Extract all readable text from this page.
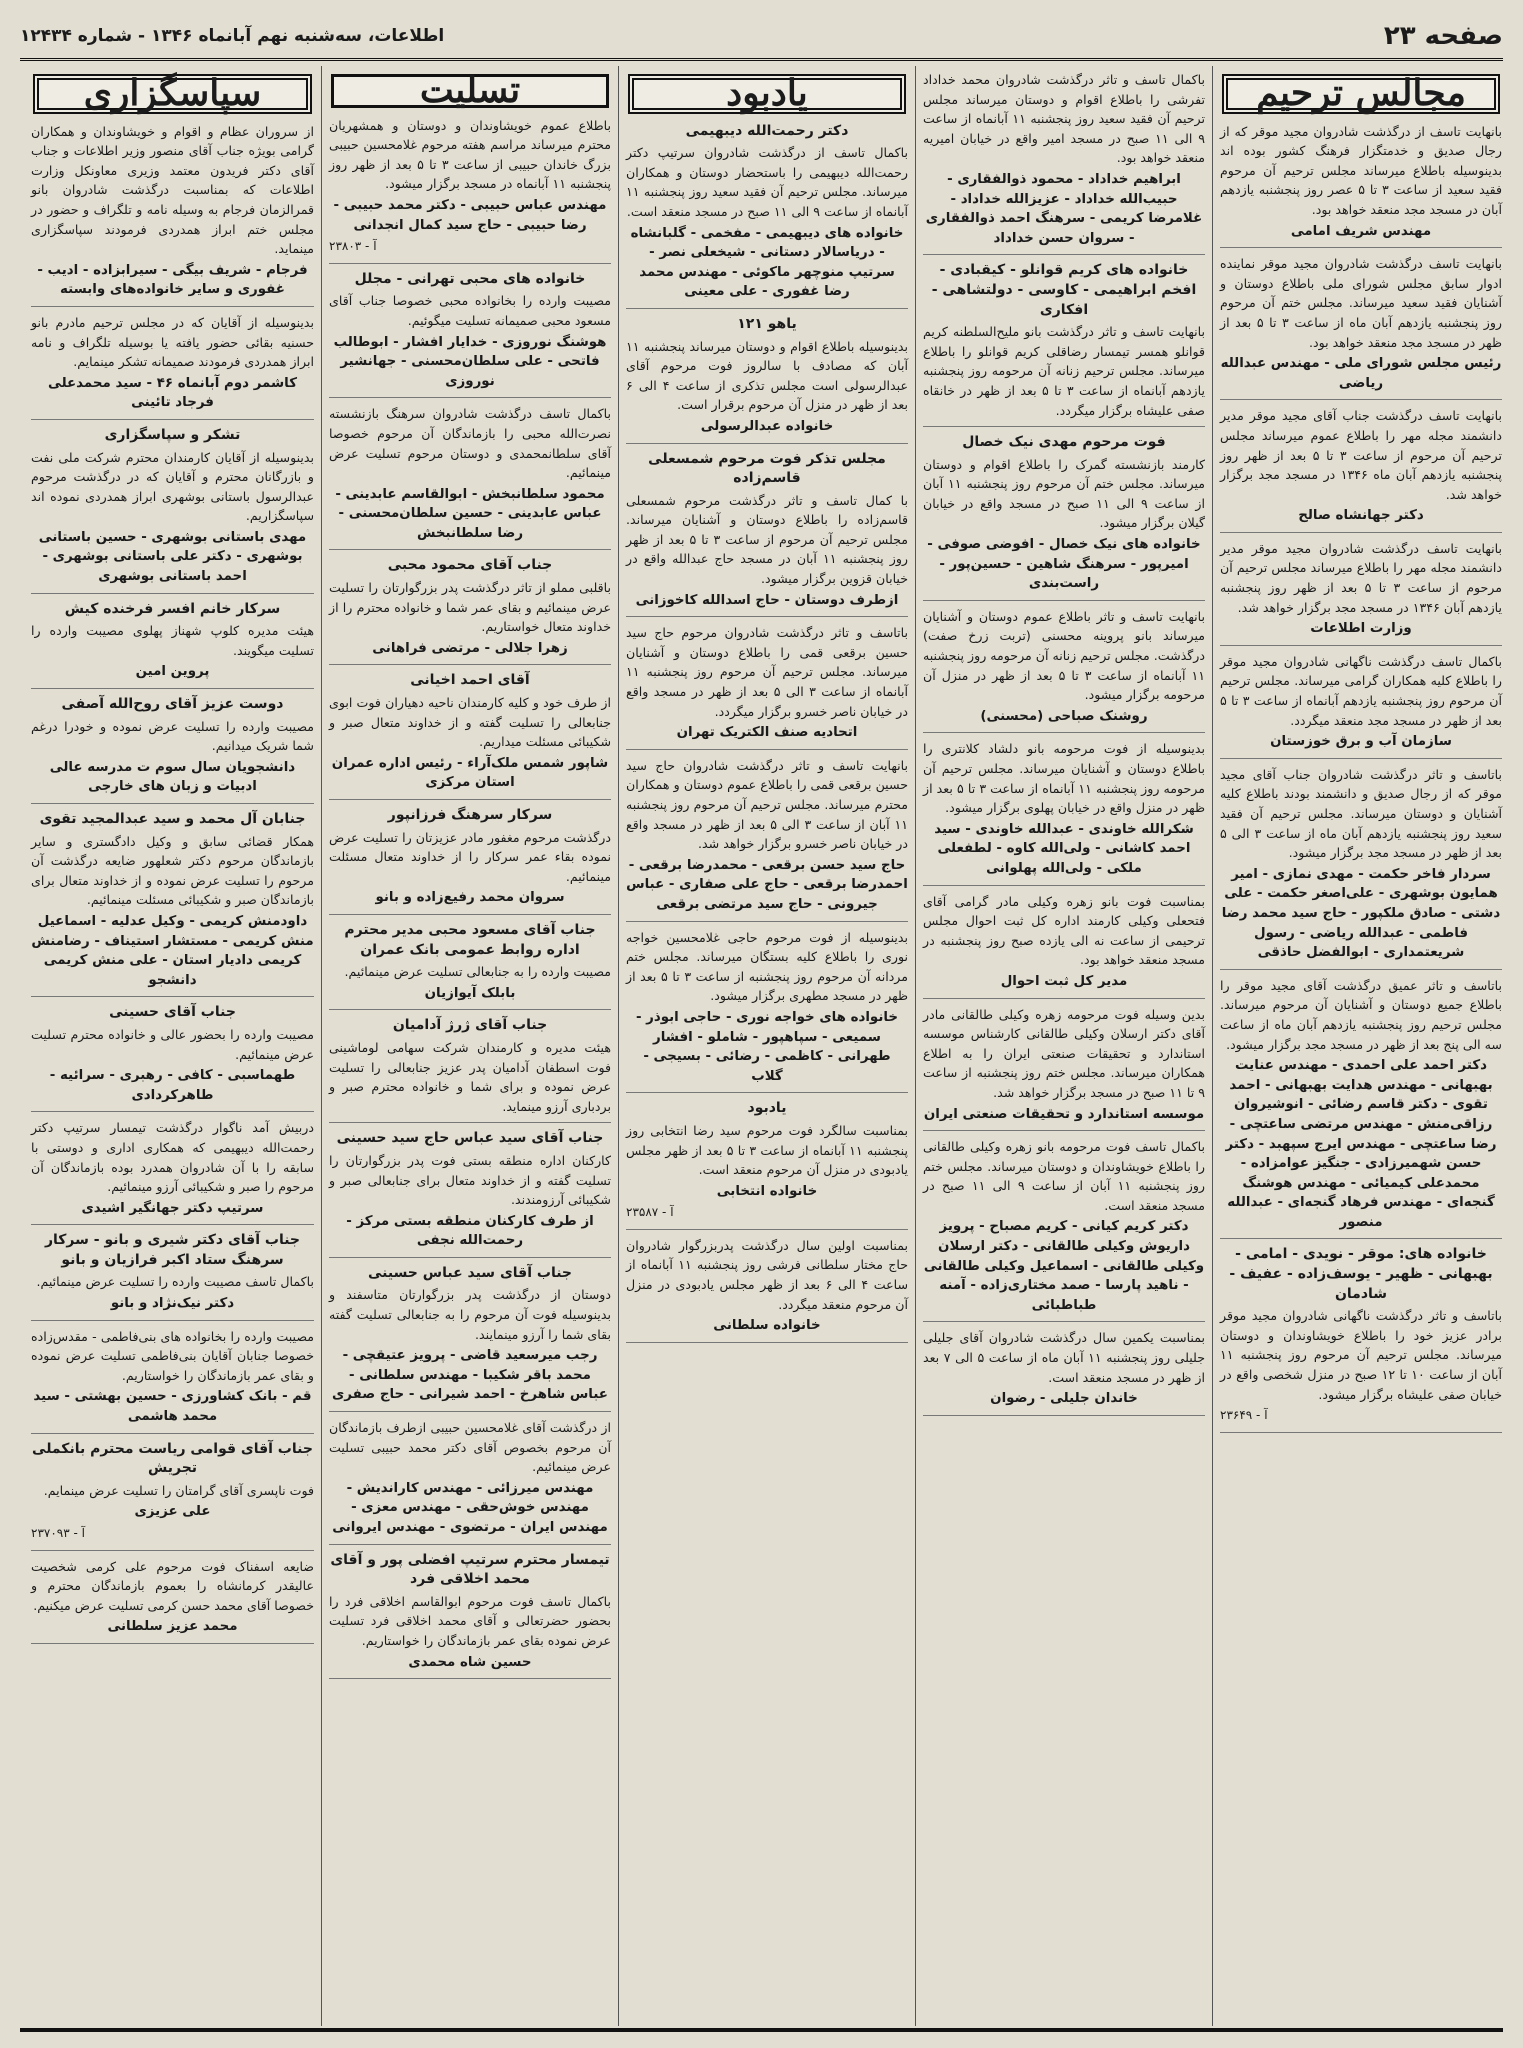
صفحه ۲۳
اطلاعات، سه‌شنبه نهم آبانماه ۱۳۴۶ - شماره ۱۲۴۳۴
مجالس ترحیم

بانهایت تاسف از درگذشت شادروان مجید موقر که از رجال صدیق و خدمتگزار فرهنگ کشور بوده اند بدینوسیله باطلاع میرساند مجلس ترحیم آن مرحوم فقید سعید از ساعت ۳ تا ۵ عصر روز پنجشنبه یازدهم آبان در مسجد مجد منعقد خواهد بود.

مهندس شریف امامی

بانهایت تاسف درگذشت شادروان مجید موقر نماینده ادوار سابق مجلس شورای ملی باطلاع دوستان و آشنایان فقید سعید میرساند. مجلس ختم آن مرحوم روز پنجشنبه یازدهم آبان ماه از ساعت ۳ تا ۵ بعد از ظهر در مسجد مجد منعقد خواهد بود.

رئیس مجلس شورای ملی - مهندس عبدالله ریاضی

بانهایت تاسف درگذشت جناب آقای مجید موقر مدیر دانشمند مجله مهر را باطلاع عموم میرساند مجلس ترحیم آن مرحوم از ساعت ۳ تا ۵ بعد از ظهر روز پنجشنبه یازدهم آبان ماه ۱۳۴۶ در مسجد مجد برگزار خواهد شد.

دکتر جهانشاه صالح

بانهایت تاسف درگذشت شادروان مجید موقر مدیر دانشمند مجله مهر را باطلاع میرساند مجلس ترحیم آن مرحوم از ساعت ۳ تا ۵ بعد از ظهر روز پنجشنبه یازدهم آبان ۱۳۴۶ در مسجد مجد برگزار خواهد شد.

وزارت اطلاعات

باکمال تاسف درگذشت ناگهانی شادروان مجید موقر را باطلاع کلیه همکاران گرامی میرساند. مجلس ترحیم آن مرحوم روز پنجشنبه یازدهم آبانماه از ساعت ۳ تا ۵ بعد از ظهر در مسجد مجد منعقد میگردد.

سازمان آب و برق خوزستان

باتاسف و تاثر درگذشت شادروان جناب آقای مجید موقر که از رجال صدیق و دانشمند بودند باطلاع کلیه آشنایان و دوستان میرساند. مجلس ترحیم آن فقید سعید روز پنجشنبه یازدهم آبان ماه از ساعت ۳ الی ۵ بعد از ظهر در مسجد مجد برگزار میشود.

سردار فاخر حکمت - مهدی نمازی - امیر همایون بوشهری - علی‌اصغر حکمت - علی دشتی - صادق ملکپور - حاج سید محمد رضا فاطمی - عبدالله ریاضی - رسول شریعتمداری - ابوالفضل حاذقی

باتاسف و تاثر عمیق درگذشت آقای مجید موقر را باطلاع جمیع دوستان و آشنایان آن مرحوم میرساند. مجلس ترحیم روز پنجشنبه یازدهم آبان ماه از ساعت سه الی پنج بعد از ظهر در مسجد مجد برگزار میشود.

دکتر احمد علی احمدی - مهندس عنایت بهبهانی - مهندس هدایت بهبهانی - احمد تقوی - دکتر قاسم رضائی - انوشیروان رزاقی‌منش - مهندس مرتضی ساعتچی - رضا ساعتچی - مهندس ایرج سپهبد - دکتر حسن شهمیرزادی - جنگیز عوامزاده - محمدعلی کیمیائی - مهندس هوشنگ گنجه‌ای - مهندس فرهاد گنجه‌ای - عبدالله منصور
خانواده های: موقر - نویدی - امامی - بهبهانی - ظهیر - یوسف‌زاده - عفیف - شادمان

باتاسف و تاثر درگذشت ناگهانی شادروان مجید موقر برادر عزیز خود را باطلاع خویشاوندان و دوستان میرساند. مجلس ترحیم آن مرحوم روز پنجشنبه ۱۱ آبان از ساعت ۱۰ تا ۱۲ صبح در منزل شخصی واقع در خیابان صفی علیشاه برگزار میشود.

آ - ۲۳۶۴۹

باکمال تاسف و تاثر درگذشت شادروان محمد خداداد تفرشی را باطلاع اقوام و دوستان میرساند مجلس ترحیم آن فقید سعید روز پنجشنبه ۱۱ آبانماه از ساعت ۹ الی ۱۱ صبح در مسجد امیر واقع در خیابان امیریه منعقد خواهد بود.

ابراهیم خداداد - محمود ذوالفقاری - حبیب‌الله خداداد - عزیزالله خداداد - غلامرضا کریمی - سرهنگ احمد ذوالفقاری - سروان حسن خداداد
خانواده های کریم قوانلو - کیقبادی - افخم ابراهیمی - کاوسی - دولتشاهی - افکاری

بانهایت تاسف و تاثر درگذشت بانو ملیح‌السلطنه کریم قوانلو همسر تیمسار رضاقلی کریم قوانلو را باطلاع میرساند. مجلس ترحیم زنانه آن مرحومه روز پنجشنبه یازدهم آبانماه از ساعت ۳ تا ۵ بعد از ظهر در خانقاه صفی علیشاه برگزار میگردد.

فوت مرحوم مهدی نیک خصال

کارمند بازنشسته گمرک را باطلاع اقوام و دوستان میرساند. مجلس ختم آن مرحوم روز پنجشنبه ۱۱ آبان از ساعت ۹ الی ۱۱ صبح در مسجد واقع در خیابان گیلان برگزار میشود.

خانواده های نیک خصال - افوضی صوفی - امیرپور - سرهنگ شاهین - حسین‌پور - راست‌بندی

بانهایت تاسف و تاثر باطلاع عموم دوستان و آشنایان میرساند بانو پروینه محسنی (تربت زرخ صفت) درگذشت. مجلس ترحیم زنانه آن مرحومه روز پنجشنبه ۱۱ آبانماه از ساعت ۳ تا ۵ بعد از ظهر در منزل آن مرحومه برگزار میشود.

روشنک صباحی (محسنی)

بدینوسیله از فوت مرحومه بانو دلشاد کلانتری را باطلاع دوستان و آشنایان میرساند. مجلس ترحیم آن مرحومه روز پنجشنبه ۱۱ آبانماه از ساعت ۳ تا ۵ بعد از ظهر در منزل واقع در خیابان پهلوی برگزار میشود.

شکرالله خاوندی - عبدالله خاوندی - سید احمد کاشانی - ولی‌الله کاوه - لطفعلی ملکی - ولی‌الله پهلوانی

بمناسبت فوت بانو زهره وکیلی مادر گرامی آقای فتحعلی وکیلی کارمند اداره کل ثبت احوال مجلس ترحیمی از ساعت نه الی یازده صبح روز پنجشنبه در مسجد منعقد خواهد بود.

مدیر کل ثبت احوال

بدین وسیله فوت مرحومه زهره وکیلی طالقانی مادر آقای دکتر ارسلان وکیلی طالقانی کارشناس موسسه استاندارد و تحقیقات صنعتی ایران را به اطلاع همکاران میرساند. مجلس ختم روز پنجشنبه از ساعت ۹ تا ۱۱ صبح در مسجد برگزار خواهد شد.

موسسه استاندارد و تحقیقات صنعتی ایران

باکمال تاسف فوت مرحومه بانو زهره وکیلی طالقانی را باطلاع خویشاوندان و دوستان میرساند. مجلس ختم روز پنجشنبه ۱۱ آبان از ساعت ۹ الی ۱۱ صبح در مسجد منعقد است.

دکتر کریم کیانی - کریم مصباح - پرویز داریوش وکیلی طالقانی - دکتر ارسلان وکیلی طالقانی - اسماعیل وکیلی طالقانی - ناهید پارسا - صمد مختاری‌زاده - آمنه طباطبائی

بمناسبت یکمین سال درگذشت شادروان آقای جلیلی جلیلی روز پنجشنبه ۱۱ آبان ماه از ساعت ۵ الی ۷ بعد از ظهر در مسجد منعقد است.

خاندان جلیلی - رضوان
یادبود
دکتر رحمت‌الله دیبهیمی

باکمال تاسف از درگذشت شادروان سرتیپ دکتر رحمت‌الله دیبهیمی را باستحضار دوستان و همکاران میرساند. مجلس ترحیم آن فقید سعید روز پنجشنبه ۱۱ آبانماه از ساعت ۹ الی ۱۱ صبح در مسجد منعقد است.

خانواده های دیبهیمی - مفخمی - گلبانشاه - دریاسالار دستانی - شیخعلی نصر - سرتیپ منوچهر ماکوئی - مهندس محمد رضا غفوری - علی معینی
یاهو ۱۲۱

بدینوسیله باطلاع اقوام و دوستان میرساند پنجشنبه ۱۱ آبان که مصادف با سالروز فوت مرحوم آقای عبدالرسولی است مجلس تذکری از ساعت ۴ الی ۶ بعد از ظهر در منزل آن مرحوم برقرار است.

خانواده عبدالرسولی
مجلس تذکر فوت مرحوم شمسعلی قاسم‌زاده

با کمال تاسف و تاثر درگذشت مرحوم شمسعلی قاسم‌زاده را باطلاع دوستان و آشنایان میرساند. مجلس ترحیم آن مرحوم از ساعت ۳ تا ۵ بعد از ظهر روز پنجشنبه ۱۱ آبان در مسجد حاج عبدالله واقع در خیابان قزوین برگزار میشود.

ازطرف دوستان - حاج اسدالله کاخوزانی

باتاسف و تاثر درگذشت شادروان مرحوم حاج سید حسین برقعی قمی را باطلاع دوستان و آشنایان میرساند. مجلس ترحیم آن مرحوم روز پنجشنبه ۱۱ آبانماه از ساعت ۳ الی ۵ بعد از ظهر در مسجد واقع در خیابان ناصر خسرو برگزار میگردد.

اتحادیه صنف الکتریک تهران

بانهایت تاسف و تاثر درگذشت شادروان حاج سید حسین برقعی قمی را باطلاع عموم دوستان و همکاران محترم میرساند. مجلس ترحیم آن مرحوم روز پنجشنبه ۱۱ آبان از ساعت ۳ الی ۵ بعد از ظهر در مسجد واقع در خیابان ناصر خسرو برگزار خواهد شد.

حاج سید حسن برقعی - محمدرضا برقعی - احمدرضا برقعی - حاج علی صفاری - عباس جیرونی - حاج سید مرتضی برقعی

بدینوسیله از فوت مرحوم حاجی غلامحسین خواجه نوری را باطلاع کلیه بستگان میرساند. مجلس ختم مردانه آن مرحوم روز پنجشنبه از ساعت ۳ تا ۵ بعد از ظهر در مسجد مطهری برگزار میشود.

خانواده های خواجه نوری - حاجی ابوذر - سمیعی - سپاهپور - شاملو - افشار طهرانی - کاظمی - رضائی - بسیجی - گلاب
یادبود

بمناسبت سالگرد فوت مرحوم سید رضا انتخابی روز پنجشنبه ۱۱ آبانماه از ساعت ۳ تا ۵ بعد از ظهر مجلس یادبودی در منزل آن مرحوم منعقد است.

خانواده انتخابی
آ - ۲۳۵۸۷

بمناسبت اولین سال درگذشت پدربزرگوار شادروان حاج مختار سلطانی فرشی روز پنجشنبه ۱۱ آبانماه از ساعت ۴ الی ۶ بعد از ظهر مجلس یادبودی در منزل آن مرحوم منعقد میگردد.

خانواده سلطانی
تسلیت

باطلاع عموم خویشاوندان و دوستان و همشهریان محترم میرساند مراسم هفته مرحوم غلامحسین حبیبی بزرگ خاندان حبیبی از ساعت ۳ تا ۵ بعد از ظهر روز پنجشنبه ۱۱ آبانماه در مسجد برگزار میشود.

مهندس عباس حبیبی - دکتر محمد حبیبی - رضا حبیبی - حاج سید کمال انجدانی
آ - ۲۳۸۰۳
خانواده های محبی تهرانی - مجلل

مصیبت وارده را بخانواده محبی خصوصا جناب آقای مسعود محبی صمیمانه تسلیت میگوئیم.

هوشنگ نوروزی - خدایار افشار - ابوطالب فاتحی - علی سلطان‌محسنی - جهانشیر نوروزی

باکمال تاسف درگذشت شادروان سرهنگ بازنشسته نصرت‌الله محبی را بازماندگان آن مرحوم خصوصا آقای سلطانمحمدی و دوستان مرحوم تسلیت عرض مینمائیم.

محمود سلطانبخش - ابوالقاسم عابدینی - عباس عابدینی - حسین سلطان‌محسنی - رضا سلطانبخش
جناب آقای محمود محبی

باقلبی مملو از تاثر درگذشت پدر بزرگوارتان را تسلیت عرض مینمائیم و بقای عمر شما و خانواده محترم را از خداوند متعال خواستاریم.

زهرا جلالی - مرتضی فراهانی
آقای احمد اخیانی

از طرف خود و کلیه کارمندان ناحیه دهیاران فوت ابوی جنابعالی را تسلیت گفته و از خداوند متعال صبر و شکیبائی مسئلت میداریم.

شاپور شمس ملک‌آراء - رئیس اداره عمران استان مرکزی
سرکار سرهنگ فرزانپور

درگذشت مرحوم مغفور مادر عزیزتان را تسلیت عرض نموده بقاء عمر سرکار را از خداوند متعال مسئلت مینمائیم.

سروان محمد رفیع‌زاده و بانو
جناب آقای مسعود محبی مدیر محترم اداره روابط عمومی بانک عمران

مصیبت وارده را به جنابعالی تسلیت عرض مینمائیم.

بابلک آیوازیان
جناب آقای ژرژ آدامیان

هیئت مدیره و کارمندان شرکت سهامی لوماشینی فوت اسطفان آدامیان پدر عزیز جنابعالی را تسلیت عرض نموده و برای شما و خانواده محترم صبر و بردباری آرزو مینماید.

جناب آقای سید عباس حاج سید حسینی

کارکنان اداره منطقه بستی فوت پدر بزرگوارتان را تسلیت گفته و از خداوند متعال برای جنابعالی صبر و شکیبائی آرزومندند.

از طرف کارکنان منطقه بستی مرکز - رحمت‌الله نجفی
جناب آقای سید عباس حسینی

دوستان از درگذشت پدر بزرگوارتان متاسفند و بدینوسیله فوت آن مرحوم را به جنابعالی تسلیت گفته بقای شما را آرزو مینمایند.

رجب میرسعید قاضی - پرویز عتیقچی - محمد باقر شکیبا - مهندس سلطانی - عباس شاهرخ - احمد شیرانی - حاج صفری

از درگذشت آقای غلامحسین حبیبی ازطرف بازماندگان آن مرحوم بخصوص آقای دکتر محمد حبیبی تسلیت عرض مینمائیم.

مهندس میرزائی - مهندس کاراندیش - مهندس خوش‌حقی - مهندس معزی - مهندس ایران - مرتضوی - مهندس ایروانی
تیمسار محترم سرتیپ افضلی پور و آقای محمد اخلاقی فرد

باکمال تاسف فوت مرحوم ابوالقاسم اخلاقی فرد را بحضور حضرتعالی و آقای محمد اخلاقی فرد تسلیت عرض نموده بقای عمر بازماندگان را خواستاریم.

حسین شاه محمدی
سپاسگزاری

از سروران عظام و اقوام و خویشاوندان و همکاران گرامی بویژه جناب آقای منصور وزیر اطلاعات و جناب آقای دکتر فریدون معتمد وزیری معاونکل وزارت اطلاعات که بمناسبت درگذشت شادروان بانو قمرالزمان فرجام به وسیله نامه و تلگراف و حضور در مجلس ختم ابراز همدردی فرمودند سپاسگزاری مینماید.

فرجام - شریف بیگی - سیرابزاده - ادیب - غفوری و سایر خانواده‌های وابسته

بدینوسیله از آقایان که در مجلس ترحیم مادرم بانو حسنیه بقائی حضور یافته یا بوسیله تلگراف و نامه ابراز همدردی فرمودند صمیمانه تشکر مینمایم.

کاشمر دوم آبانماه ۴۶ - سید محمدعلی فرجاد تائینی
تشکر و سپاسگزاری

بدینوسیله از آقایان کارمندان محترم شرکت ملی نفت و بازرگانان محترم و آقایان که در درگذشت مرحوم عبدالرسول باستانی بوشهری ابراز همدردی نموده اند سپاسگزاریم.

مهدی باستانی بوشهری - حسین باستانی بوشهری - دکتر علی باستانی بوشهری - احمد باستانی بوشهری
سرکار خانم افسر فرخنده کیش

هیئت مدیره کلوپ شهناز پهلوی مصیبت وارده را تسلیت میگویند.

پروین امین
دوست عزیز آقای روح‌الله آصفی

مصیبت وارده را تسلیت عرض نموده و خودرا درغم شما شریک میدانیم.

دانشجویان سال سوم ت مدرسه عالی ادبیات و زبان های خارجی
جنابان آل محمد و سید عبدالمجید تقوی

همکار قضائی سابق و وکیل دادگستری و سایر بازماندگان مرحوم دکتر شعلهور ضایعه درگذشت آن مرحوم را تسلیت عرض نموده و از خداوند متعال برای بازماندگان صبر و شکیبائی مسئلت مینمائیم.

داودمنش کریمی - وکیل عدلیه - اسماعیل منش کریمی - مستشار استیناف - رضامنش کریمی دادیار استان - علی منش کریمی دانشجو
جناب آقای حسینی

مصیبت وارده را بحضور عالی و خانواده محترم تسلیت عرض مینمائیم.

طهماسبی - کافی - رهبری - سرائیه - طاهرکردادی

دربیش آمد ناگوار درگذشت تیمسار سرتیپ دکتر رحمت‌الله دیبهیمی که همکاری اداری و دوستی با سابقه را با آن شادروان همدرد بوده بازماندگان آن مرحوم را صبر و شکیبائی آرزو مینمائیم.

سرتیپ دکتر جهانگیر اشیدی
جناب آقای دکتر شیری و بانو - سرکار سرهنگ ستاد اکبر فرازیان و بانو

باکمال تاسف مصیبت وارده را تسلیت عرض مینمائیم.

دکتر نیک‌نژاد و بانو

مصیبت وارده را بخانواده های بنی‌فاطمی - مقدس‌زاده خصوصا جنابان آقایان بنی‌فاطمی تسلیت عرض نموده و بقای عمر بازماندگان را خواستاریم.

قم - بانک کشاورزی - حسین بهشتی - سید محمد هاشمی
جناب آقای قوامی ریاست محترم بانکملی تجریش

فوت ناپسری آقای گرامتان را تسلیت عرض مینمایم.

علی عزیزی
آ - ۲۳۷۰۹۳

ضایعه اسفناک فوت مرحوم علی کرمی شخصیت عالیقدر کرمانشاه را بعموم بازماندگان محترم و خصوصا آقای محمد حسن کرمی تسلیت عرض میکنیم.

محمد عزیز سلطانی
